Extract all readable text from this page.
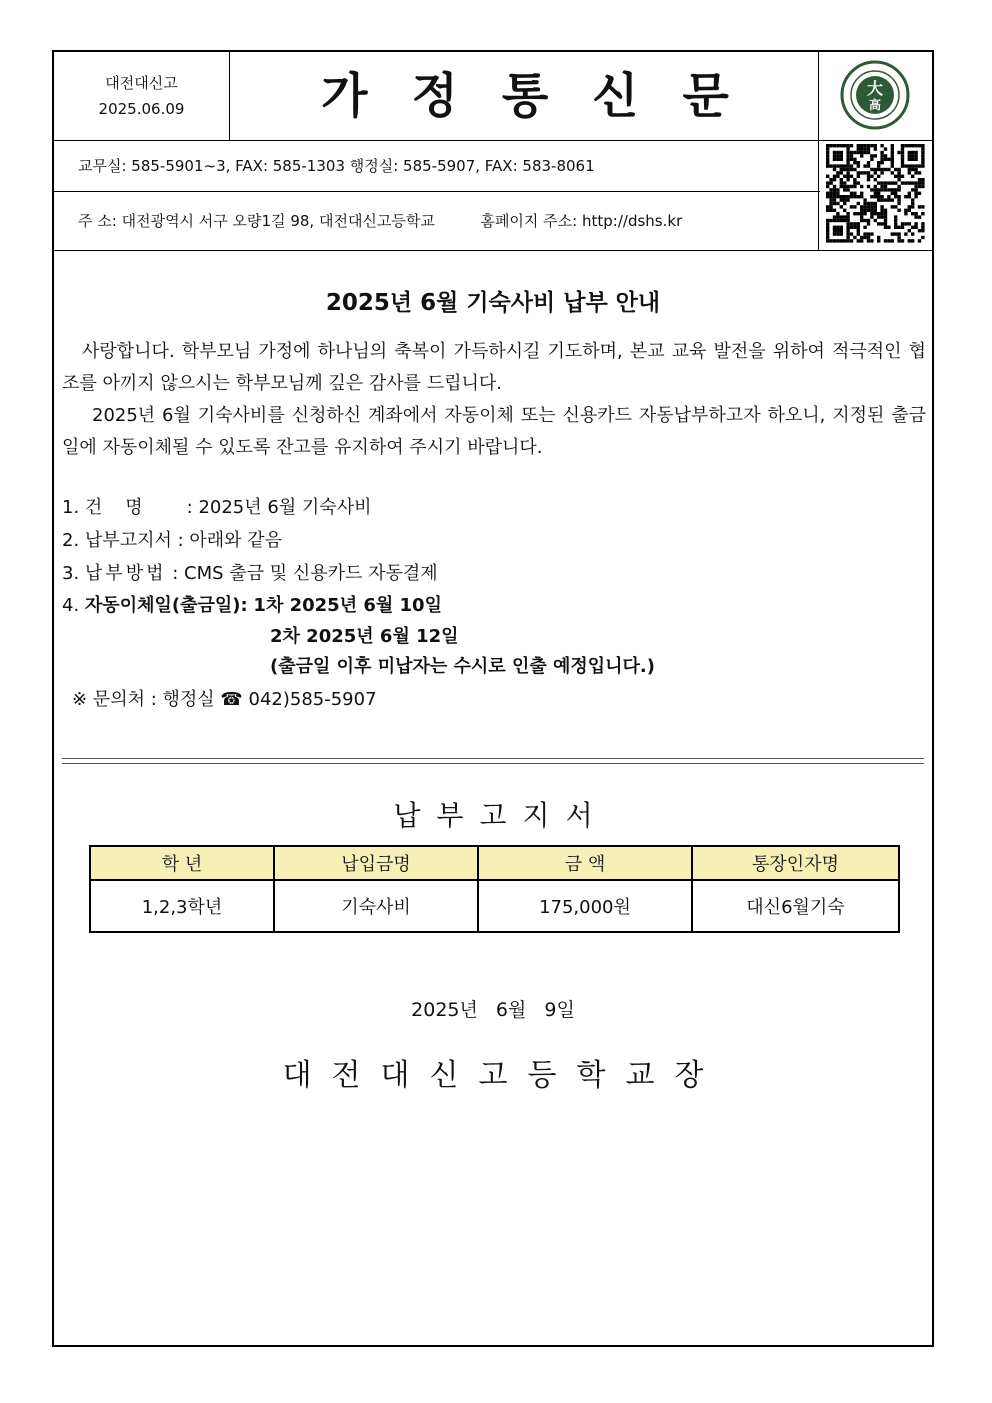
대전대신고
2025.06.09	가정통신문	大
高
교무실: 585-5901~3, FAX: 585-1303 행정실: 585-5907, FAX: 583-8061
주 소: 대전광역시 서구 오량1길 98, 대전대신고등학교	홈페이지 주소: http://dshs.kr
2025년 6월 기숙사비 납부 안내
사랑합니다. 학부모님 가정에 하나님의 축복이 가득하시길 기도하며, 본교 교육 발전을 위하여 적극적인 협조를 아끼지 않으시는 학부모님께 깊은 감사를 드립니다.
2025년 6월 기숙사비를 신청하신 계좌에서 자동이체 또는 신용카드 자동납부하고자 하오니, 지정된 출금일에 자동이체될 수 있도록 잔고를 유지하여 주시기 바랍니다.
1. 건    명 : 2025년 6월 기숙사비
2. 납부고지서 : 아래와 같음
3. 납부방법 : CMS 출금 및 신용카드 자동결제
4. 자동이체일(출금일): 1차 2025년 6월 10일
2차 2025년 6월 12일
(출금일 이후 미납자는 수시로 인출 예정입니다.)
※ 문의처 : 행정실 ☎ 042)585-5907
납부고지서
학 년	납입금명	금 액	통장인자명
1,2,3학년	기숙사비	175,000원	대신6월기숙
2025년 6월 9일
대전대신고등학교장
